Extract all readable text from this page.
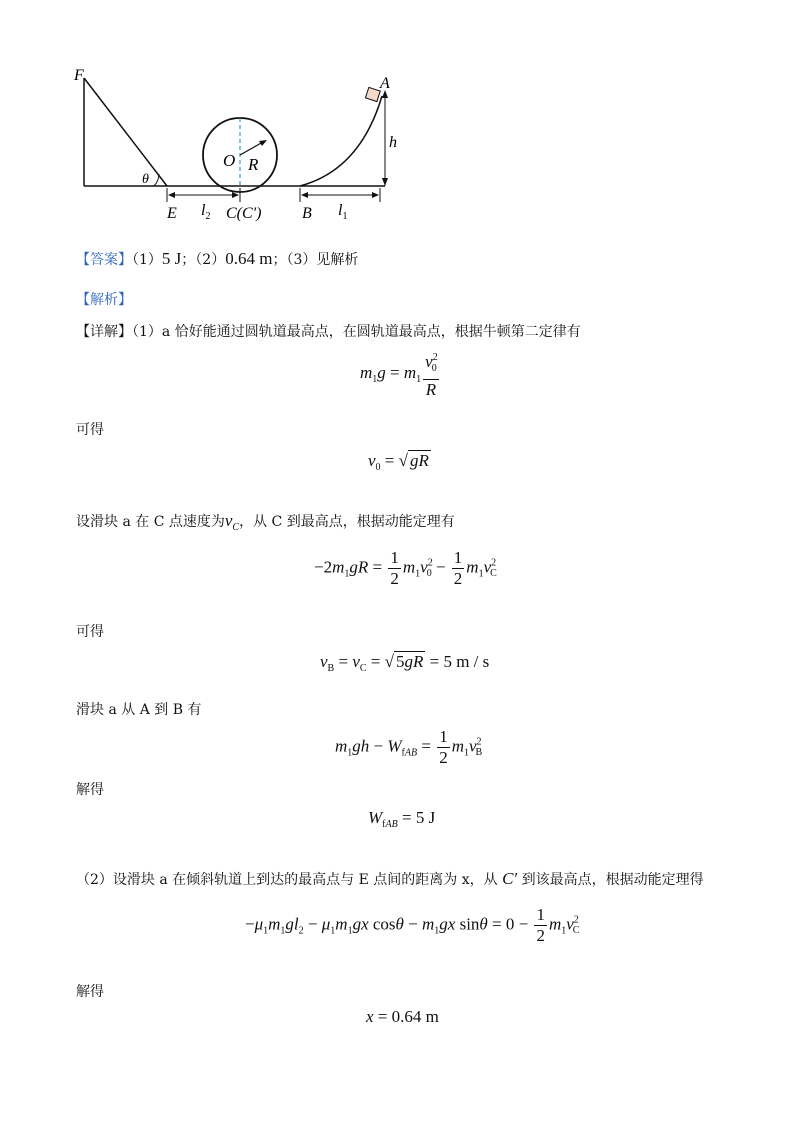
F	A
h
O R
θ
E $l_2$ C(C')	B $l_1$
【答案】（1）5 J；（2）0.64 m；（3）见解析
【解析】
【详解】（1）a 恰好能通过圆轨道最高点，在圆轨道最高点，根据牛顿第二定律有
$m_1g = m_1 \frac{v^2_0}{R}$
可得
$v_0$ = √ gR
设滑块 a 在 C 点速度为$v_C$，从 C 到最高点，根据动能定理有
$-2m_1gR = \frac{1}{2} m_1v^2_0 - \frac{1}{2} m_1v^2_C$
可得
$v_B = v_C$ = √ 5gR = 5 m / s
滑块 a 从 A 到 B 有
$m_1gh - W_{fAB} = \frac{1}{2} m_1v^2_B$
解得
$W_{fAB} = 5$ J
（2）设滑块 a 在倾斜轨道上到达的最高点与 E 点间的距离为 x，从 C′ 到该最高点，根据动能定理得
$-\mu_1m_1gl_2 - \mu_1m_1gx$ $\cos\theta - m_1gx$ $\sin\theta = 0 - \frac{1}{2} m_1v^2_C$
解得
x = 0.64 m
